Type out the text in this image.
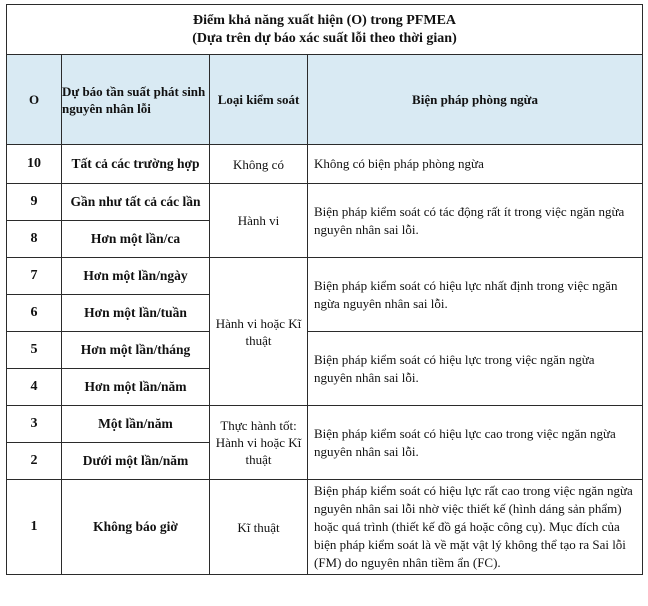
Điểm khả năng xuất hiện (O) trong PFMEA
(Dựa trên dự báo xác suất lỗi theo thời gian)			

O	Dự báo tần suất phát sinh nguyên nhân lỗi	Loại kiểm soát	Biện pháp phòng ngừa
10	Tất cả các trường hợp	Không có	Không có biện pháp phòng ngừa
9	Gần như tất cả các lần	Hành vi	Biện pháp kiểm soát có tác động rất ít trong việc ngăn ngừa nguyên nhân sai lỗi.
8	Hơn một lần/ca		
7	Hơn một lần/ngày	Hành vi hoặc Kĩ thuật	Biện pháp kiểm soát có hiệu lực nhất định trong việc ngăn ngừa nguyên nhân sai lỗi.
6	Hơn một lần/tuần		
5	Hơn một lần/tháng		Biện pháp kiểm soát có hiệu lực trong việc ngăn ngừa nguyên nhân sai lỗi.
4	Hơn một lần/năm		
3	Một lần/năm	Thực hành tốt: Hành vi hoặc Kĩ thuật	Biện pháp kiểm soát có hiệu lực cao trong việc ngăn ngừa nguyên nhân sai lỗi.
2	Dưới một lần/năm		
1	Không báo giờ	Kĩ thuật	Biện pháp kiểm soát có hiệu lực rất cao trong việc ngăn ngừa nguyên nhân sai lỗi nhờ việc thiết kế (hình dáng sản phẩm) hoặc quá trình (thiết kế đồ gá hoặc công cụ). Mục đích của biện pháp kiểm soát là về mặt vật lý không thể tạo ra Sai lỗi (FM) do nguyên nhân tiềm ẩn (FC).
